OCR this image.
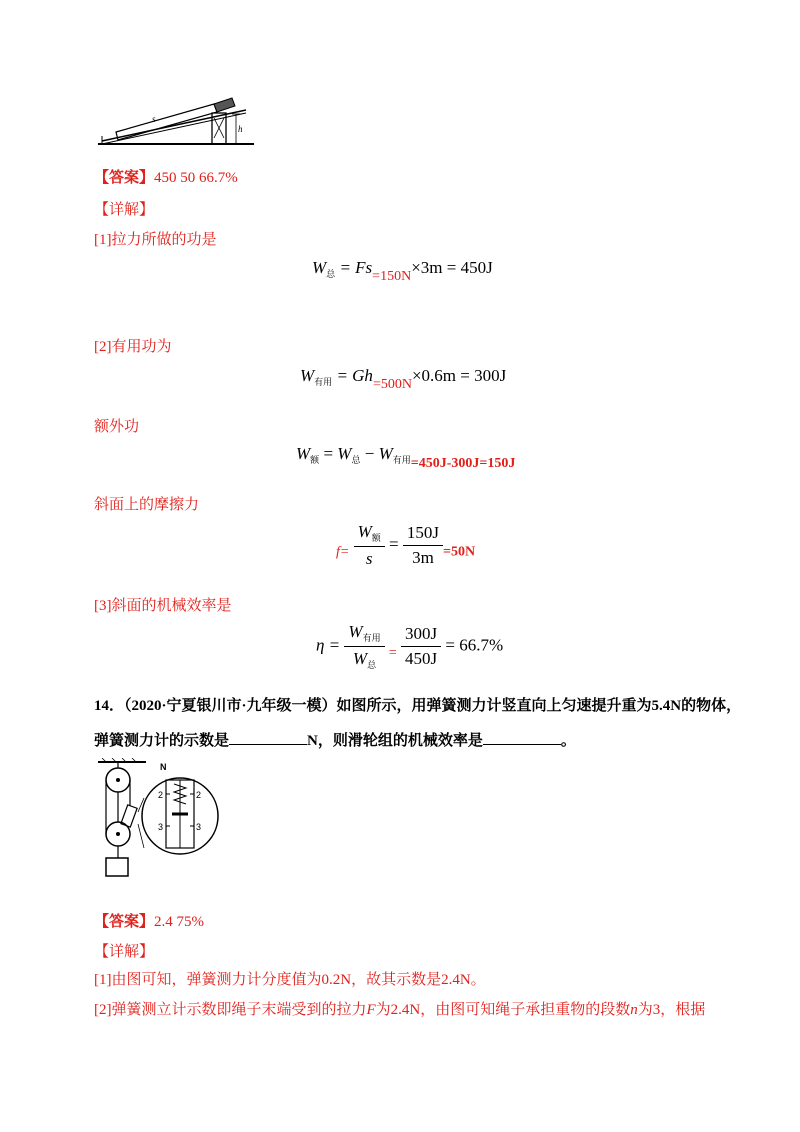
h
s
【答案】450 50 66.7%
【详解】
[1]拉力所做的功是
$W_总 = Fs_{=150N}\times 3m = 450J$
[2]有用功为
$W_{有用} = Gh_{=500N}\times 0.6m = 300J$
额外功
$W_额 = W_总 - W_{有用=450J-300J=150J}$
斜面上的摩擦力
$_{f=} \frac{W_额}{s} = \frac{150J}{3m} _{=50N}$
[3]斜面的机械效率是
$\eta = \frac{W_{有用}}{W_总} _= \frac{300J}{450J} = 66.7\%$
14．（2020·宁夏银川市·九年级一模）如图所示，用弹簧测力计竖直向上匀速提升重为5.4N的物体，
弹簧测力计的示数是	N，则滑轮组的机械效率是	。
N
2	2
3	3
【答案】2.4 75%
【详解】
[1]由图可知，弹簧测力计分度值为0.2N，故其示数是2.4N。
[2]弹簧测立计示数即绳子末端受到的拉力F为2.4N，由图可知绳子承担重物的段数n为3，根据
